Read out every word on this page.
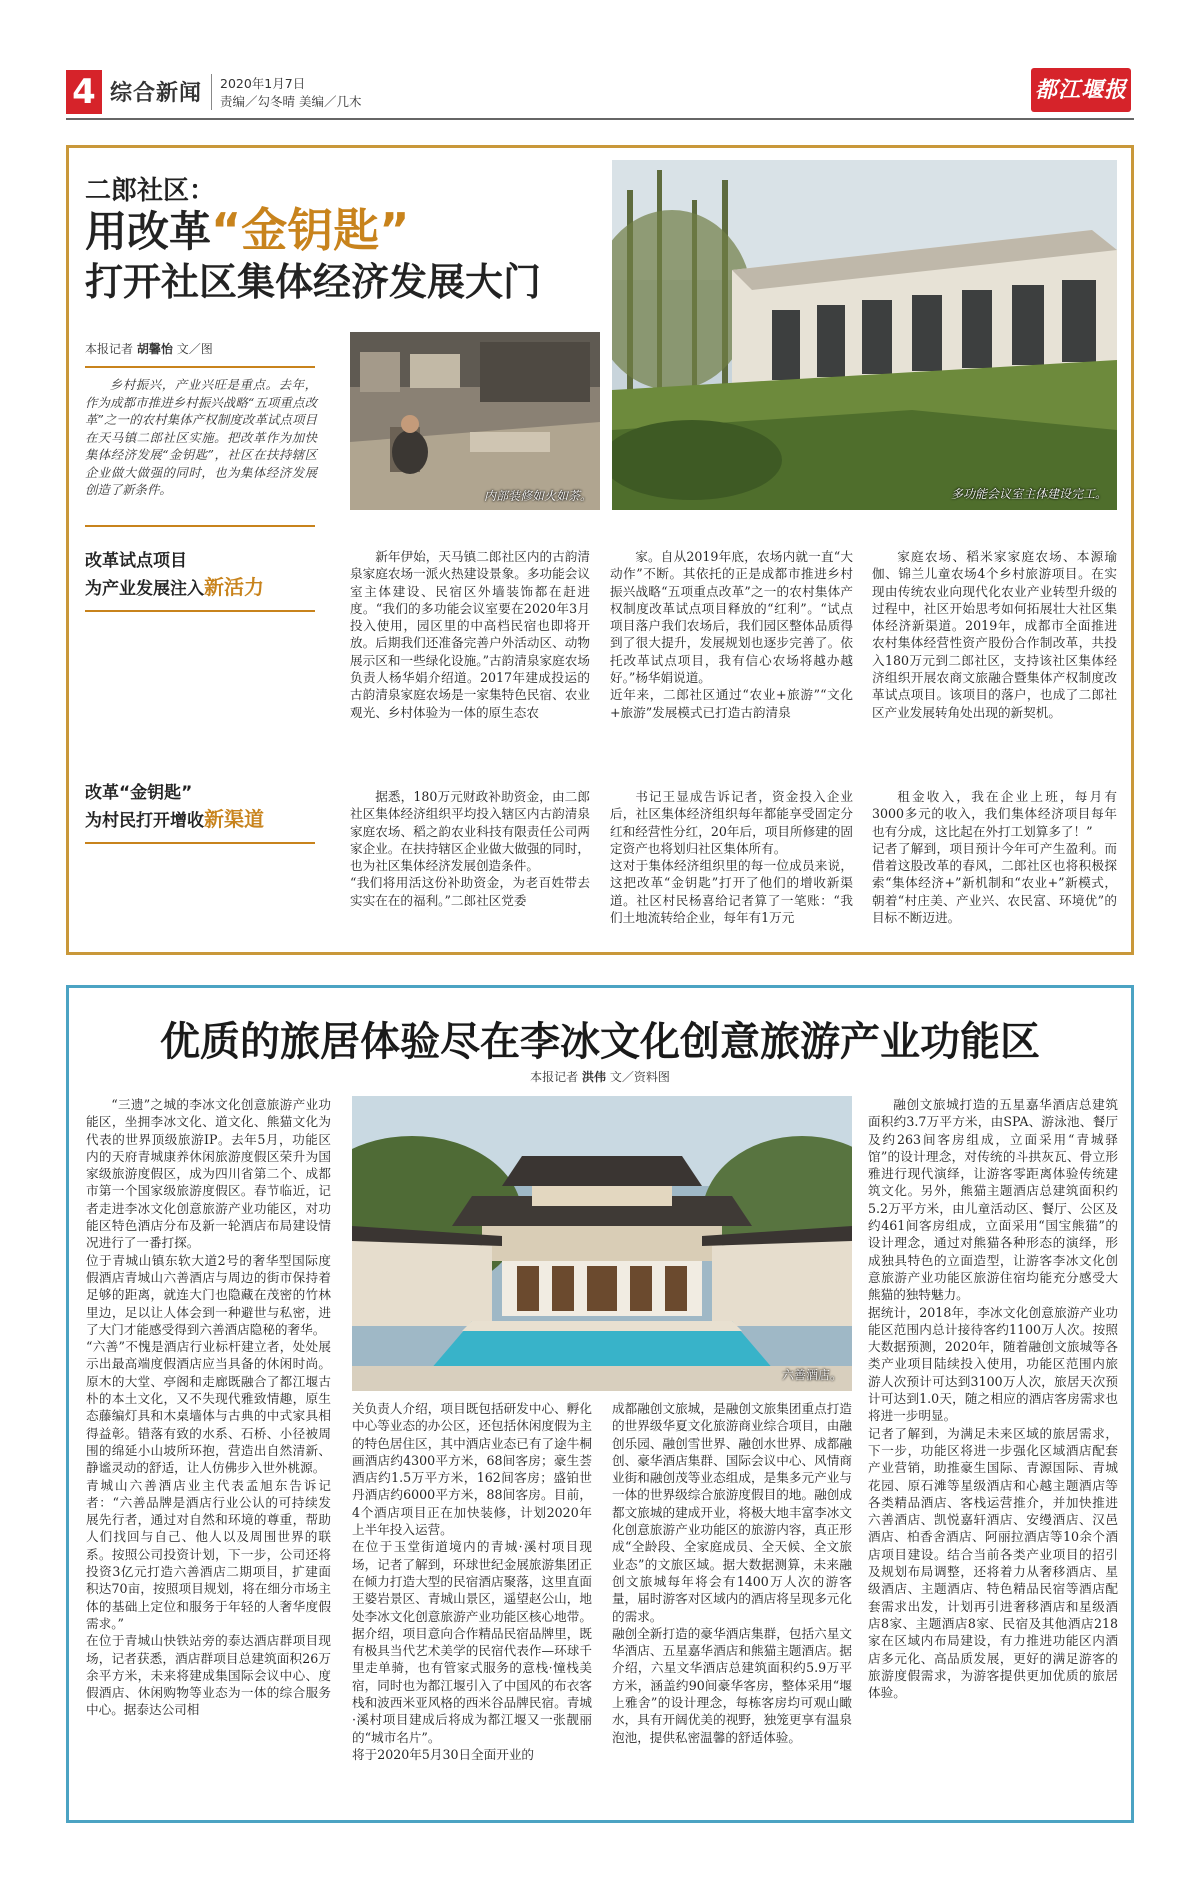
4 综合新闻 2020年1月7日
责编／勾冬晴 美编／几木	都江堰报
二郎社区：
用改革“金钥匙”
打开社区集体经济发展大门
本报记者 胡馨怡 文／图
乡村振兴，产业兴旺是重点。去年，作为成都市推进乡村振兴战略“五项重点改革”之一的农村集体产权制度改革试点项目在天马镇二郎社区实施。把改革作为加快集体经济发展“金钥匙”，社区在扶持辖区企业做大做强的同时，也为集体经济发展创造了新条件。	内部装修如火如荼。	多功能会议室主体建设完工。
改革试点项目
为产业发展注入新活力

新年伊始，天马镇二郎社区内的古韵清泉家庭农场一派火热建设景象。多功能会议室主体建设、民宿区外墙装饰都在赶进度。“我们的多功能会议室要在2020年3月投入使用，园区里的中高档民宿也即将开放。后期我们还准备完善户外活动区、动物展示区和一些绿化设施。”古韵清泉家庭农场负责人杨华娟介绍道。2017年建成投运的古韵清泉家庭农场是一家集特色民宿、农业观光、乡村体验为一体的原生态农

家。自从2019年底，农场内就一直“大动作”不断。其依托的正是成都市推进乡村振兴战略“五项重点改革”之一的农村集体产权制度改革试点项目释放的“红利”。“试点项目落户我们农场后，我们园区整体品质得到了很大提升，发展规划也逐步完善了。依托改革试点项目，我有信心农场将越办越好。”杨华娟说道。
近年来，二郎社区通过“农业+旅游”“文化+旅游”发展模式已打造古韵清泉

家庭农场、稻米家家庭农场、本源瑜伽、锦兰儿童农场4个乡村旅游项目。在实现由传统农业向现代化农业产业转型升级的过程中，社区开始思考如何拓展壮大社区集体经济新渠道。2019年，成都市全面推进农村集体经营性资产股份合作制改革，共投入180万元到二郎社区，支持该社区集体经济组织开展农商文旅融合暨集体产权制度改革试点项目。该项目的落户，也成了二郎社区产业发展转角处出现的新契机。

改革“金钥匙”
为村民打开增收新渠道
据悉，180万元财政补助资金，由二郎社区集体经济组织平均投入辖区内古韵清泉家庭农场、稻之韵农业科技有限责任公司两家企业。在扶持辖区企业做大做强的同时，也为社区集体经济发展创造条件。
“我们将用活这份补助资金，为老百姓带去实实在在的福利。”二郎社区党委
书记王显成告诉记者，资金投入企业后，社区集体经济组织每年都能享受固定分红和经营性分红，20年后，项目所修建的固定资产也将划归社区集体所有。
这对于集体经济组织里的每一位成员来说，这把改革“金钥匙”打开了他们的增收新渠道。社区村民杨喜给记者算了一笔账：“我们土地流转给企业，每年有1万元
租金收入，我在企业上班，每月有3000多元的收入，我们集体经济项目每年也有分成，这比起在外打工划算多了！”
记者了解到，项目预计今年可产生盈利。而借着这股改革的春风，二郎社区也将积极探索“集体经济+”新机制和“农业+”新模式，朝着“村庄美、产业兴、农民富、环境优”的目标不断迈进。
优质的旅居体验尽在李冰文化创意旅游产业功能区
本报记者 洪伟 文／资料图
六善酒店。
“三遗”之城的李冰文化创意旅游产业功能区，坐拥李冰文化、道文化、熊猫文化为代表的世界顶级旅游IP。去年5月，功能区内的天府青城康养休闲旅游度假区荣升为国家级旅游度假区，成为四川省第二个、成都市第一个国家级旅游度假区。春节临近，记者走进李冰文化创意旅游产业功能区，对功能区特色酒店分布及新一轮酒店布局建设情况进行了一番打探。
位于青城山镇东软大道2号的奢华型国际度假酒店青城山六善酒店与周边的街市保持着足够的距离，就连大门也隐藏在茂密的竹林里边，足以让人体会到一种避世与私密，进了大门才能感受得到六善酒店隐秘的奢华。
“六善”不愧是酒店行业标杆建立者，处处展示出最高端度假酒店应当具备的休闲时尚。原木的大堂、亭阁和走廊既融合了都江堰古朴的本土文化，又不失现代雅致情趣，原生态藤编灯具和木桌墙体与古典的中式家具相得益彰。错落有致的水系、石桥、小径被周围的绵延小山坡所环抱，营造出自然清新、静谧灵动的舒适，让人仿佛步入世外桃源。
青城山六善酒店业主代表孟旭东告诉记者：“六善品牌是酒店行业公认的可持续发展先行者，通过对自然和环境的尊重，帮助人们找回与自己、他人以及周围世界的联系。按照公司投资计划，下一步，公司还将投资3亿元打造六善酒店二期项目，扩建面积达70亩，按照项目规划，将在细分市场主体的基础上定位和服务于年轻的人奢华度假需求。”
在位于青城山快铁站旁的泰达酒店群项目现场，记者获悉，酒店群项目总建筑面积26万余平方米，未来将建成集国际会议中心、度假酒店、休闲购物等业态为一体的综合服务中心。据泰达公司相
关负责人介绍，项目既包括研发中心、孵化中心等业态的办公区，还包括休闲度假为主的特色居住区，其中酒店业态已有了途牛桐画酒店约4300平方米，68间客房；豪生荟酒店约1.5万平方米，162间客房；盛铂世丹酒店约6000平方米，88间客房。目前，4个酒店项目正在加快装修，计划2020年上半年投入运营。
在位于玉堂街道境内的青城·溪村项目现场，记者了解到，环球世纪金展旅游集团正在倾力打造大型的民宿酒店聚落，这里直面王婆岩景区、青城山景区，遥望赵公山，地处李冰文化创意旅游产业功能区核心地带。据介绍，项目意向合作精品民宿品牌里，既有极具当代艺术美学的民宿代表作—环球千里走单骑，也有管家式服务的意栈·憧栈美宿，同时也为都江堰引入了中国风的布衣客栈和波西米亚风格的西米谷品牌民宿。青城·溪村项目建成后将成为都江堰又一张靓丽的“城市名片”。
将于2020年5月30日全面开业的
成都融创文旅城，是融创文旅集团重点打造的世界级华夏文化旅游商业综合项目，由融创乐园、融创雪世界、融创水世界、成都融创、豪华酒店集群、国际会议中心、风情商业街和融创茂等业态组成，是集多元产业与一体的世界级综合旅游度假目的地。融创成都文旅城的建成开业，将极大地丰富李冰文化创意旅游产业功能区的旅游内容，真正形成“全龄段、全家庭成员、全天候、全文旅业态”的文旅区域。据大数据测算，未来融创文旅城每年将会有1400万人次的游客量，届时游客对区域内的酒店将呈现多元化的需求。
融创全新打造的豪华酒店集群，包括六星文华酒店、五星嘉华酒店和熊猫主题酒店。据介绍，六星文华酒店总建筑面积约5.9万平方米，涵盖约90间豪华客房，整体采用“堰上雅舍”的设计理念，每栋客房均可观山瞰水，具有开阔优美的视野，独笼更享有温泉泡池，提供私密温馨的舒适体验。
融创文旅城打造的五星嘉华酒店总建筑面积约3.7万平方米，由SPA、游泳池、餐厅及约263间客房组成，立面采用“青城驿馆”的设计理念，对传统的斗拱灰瓦、骨立形雅进行现代演绎，让游客零距离体验传统建筑文化。另外，熊猫主题酒店总建筑面积约5.2万平方米，由儿童活动区、餐厅、公区及约461间客房组成，立面采用“国宝熊猫”的设计理念，通过对熊猫各种形态的演绎，形成独具特色的立面造型，让游客李冰文化创意旅游产业功能区旅游住宿均能充分感受大熊猫的独特魅力。
据统计，2018年，李冰文化创意旅游产业功能区范围内总计接待客约1100万人次。按照大数据预测，2020年，随着融创文旅城等各类产业项目陆续投入使用，功能区范围内旅游人次预计可达到3100万人次，旅居天次预计可达到1.0天，随之相应的酒店客房需求也将进一步明显。
记者了解到，为满足未来区域的旅居需求，下一步，功能区将进一步强化区域酒店配套产业营销，助推豪生国际、青源国际、青城花园、原石滩等星级酒店和心越主题酒店等各类精品酒店、客栈运营推介，并加快推进六善酒店、凯悦嘉轩酒店、安缦酒店、汉邑酒店、柏香舍酒店、阿丽拉酒店等10余个酒店项目建设。结合当前各类产业项目的招引及规划布局调整，还将着力从奢移酒店、星级酒店、主题酒店、特色精品民宿等酒店配套需求出发，计划再引进奢移酒店和星级酒店8家、主题酒店8家、民宿及其他酒店218家在区域内布局建设，有力推进功能区内酒店多元化、高品质发展，更好的满足游客的旅游度假需求，为游客提供更加优质的旅居体验。
